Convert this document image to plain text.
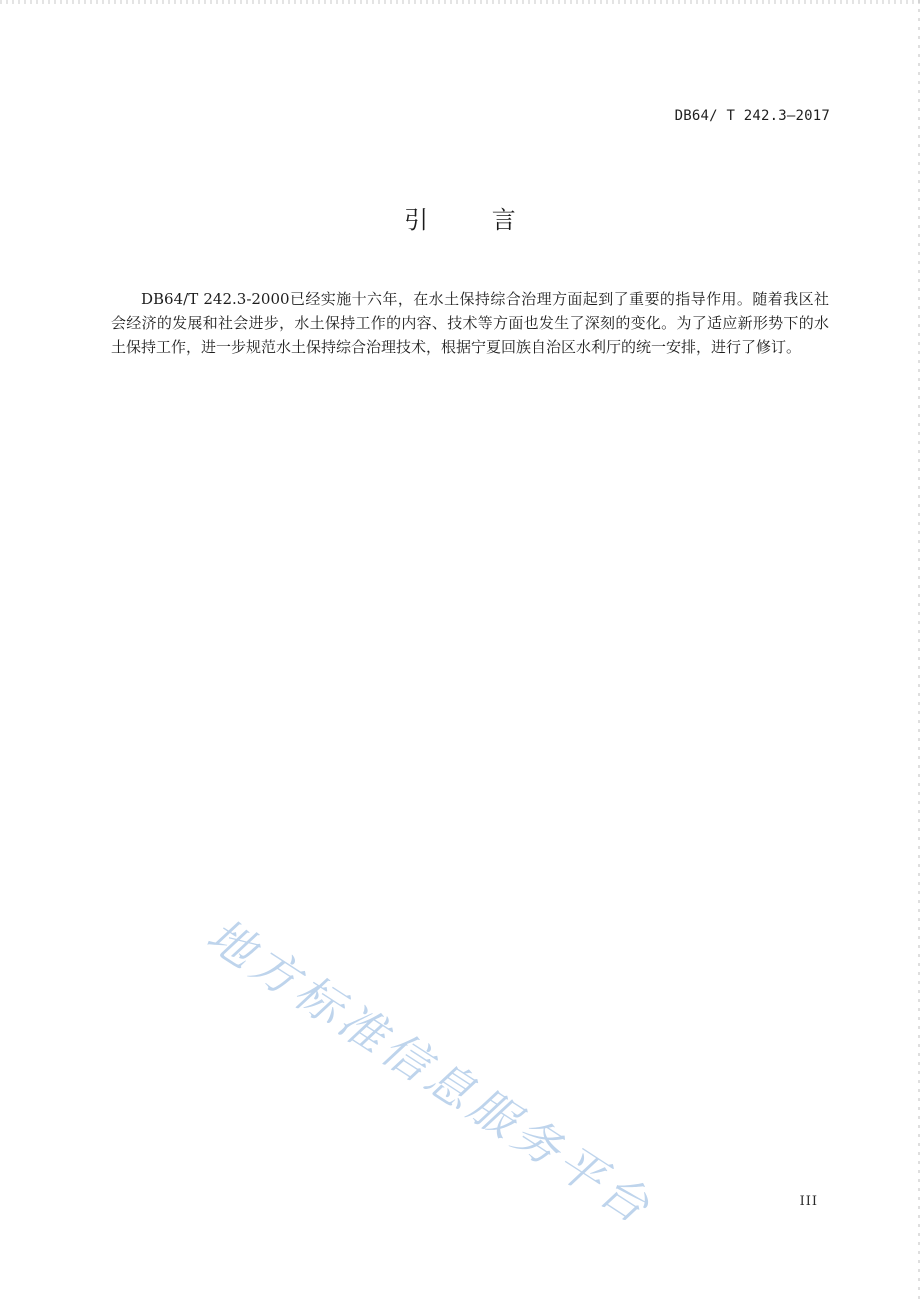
DB64/ T 242.3—2017
引 言
DB64/T 242.3-2000已经实施十六年，在水土保持综合治理方面起到了重要的指导作用。随着我区社会经济的发展和社会进步，水土保持工作的内容、技术等方面也发生了深刻的变化。为了适应新形势下的水土保持工作，进一步规范水土保持综合治理技术，根据宁夏回族自治区水利厅的统一安排，进行了修订。
地方标准信息服务平台	III
